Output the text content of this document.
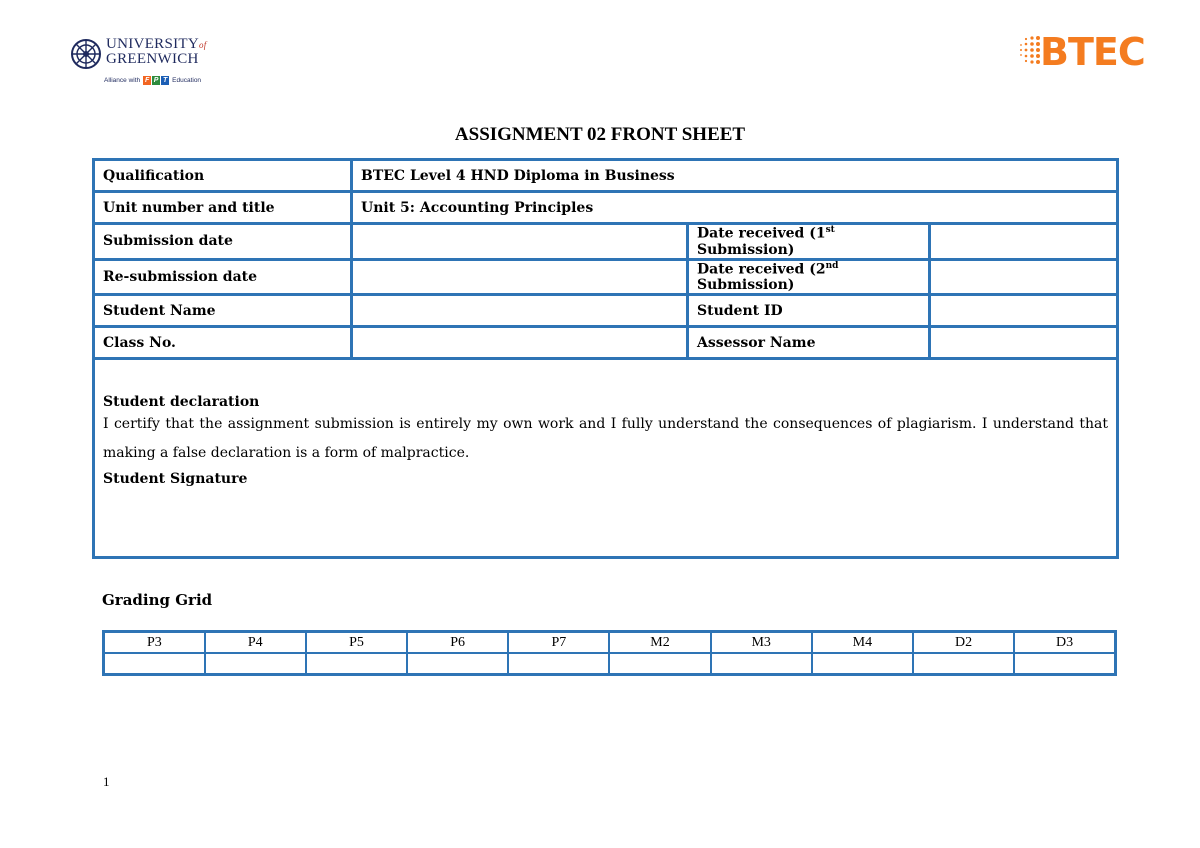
UNIVERSITYof
GREENWICH
Alliance with F P T Education
BTEC
ASSIGNMENT 02 FRONT SHEET
Qualification	BTEC Level 4 HND Diploma in Business		
Unit number and title	Unit 5: Accounting Principles		
Submission date		Date received (1st Submission)	
Re-submission date		Date received (2nd Submission)	
Student Name		Student ID	
Class No.		Assessor Name	

Student declaration
I certify that the assignment submission is entirely my own work and I fully understand the consequences of plagiarism. I understand that making a false declaration is a form of malpractice.
Student Signature			
Grading Grid
P3	P4	P5	P6	P7	M2	M3	M4	D2	D3

1
